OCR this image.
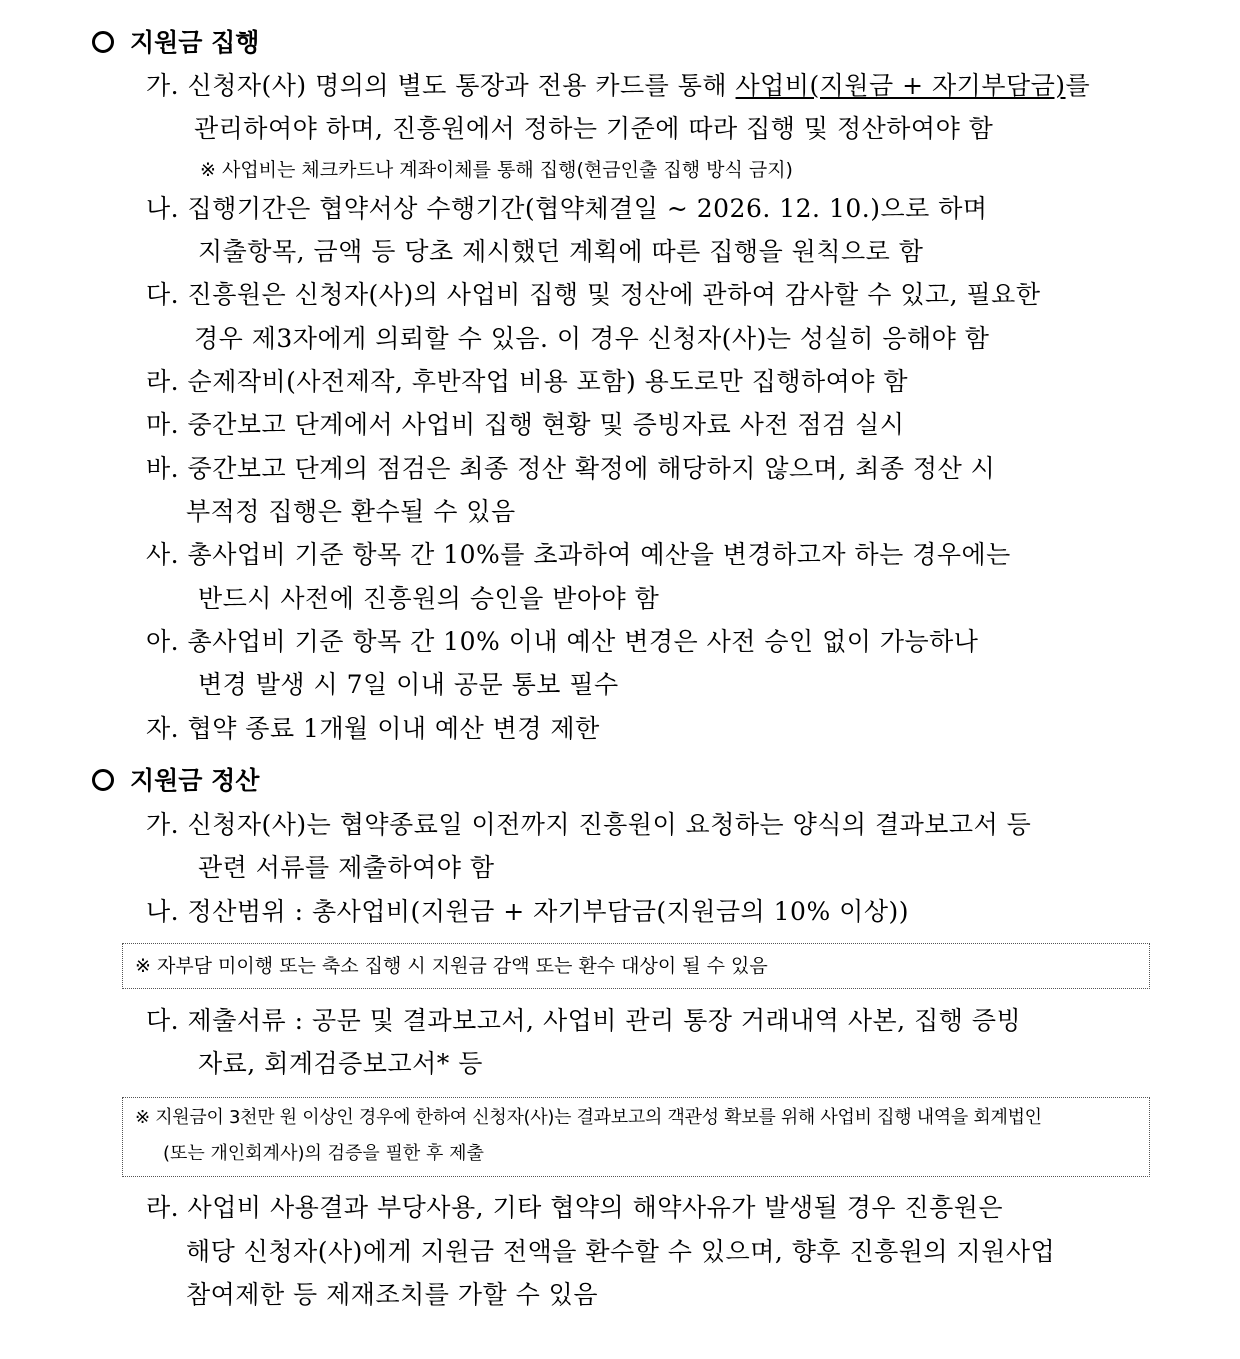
지원금 집행
가. 신청자(사) 명의의 별도 통장과 전용 카드를 통해 사업비(지원금 + 자기부담금)를
관리하여야 하며, 진흥원에서 정하는 기준에 따라 집행 및 정산하여야 함
※ 사업비는 체크카드나 계좌이체를 통해 집행(현금인출 집행 방식 금지)
나. 집행기간은 협약서상 수행기간(협약체결일 ~ 2026. 12. 10.)으로 하며
지출항목, 금액 등 당초 제시했던 계획에 따른 집행을 원칙으로 함
다. 진흥원은 신청자(사)의 사업비 집행 및 정산에 관하여 감사할 수 있고, 필요한
경우 제3자에게 의뢰할 수 있음. 이 경우 신청자(사)는 성실히 응해야 함
라. 순제작비(사전제작, 후반작업 비용 포함) 용도로만 집행하여야 함
마. 중간보고 단계에서 사업비 집행 현황 및 증빙자료 사전 점검 실시
바. 중간보고 단계의 점검은 최종 정산 확정에 해당하지 않으며, 최종 정산 시
부적정 집행은 환수될 수 있음
사. 총사업비 기준 항목 간 10%를 초과하여 예산을 변경하고자 하는 경우에는
반드시 사전에 진흥원의 승인을 받아야 함
아. 총사업비 기준 항목 간 10% 이내 예산 변경은 사전 승인 없이 가능하나
변경 발생 시 7일 이내 공문 통보 필수
자. 협약 종료 1개월 이내 예산 변경 제한
지원금 정산
가. 신청자(사)는 협약종료일 이전까지 진흥원이 요청하는 양식의 결과보고서 등
관련 서류를 제출하여야 함
나. 정산범위 : 총사업비(지원금 + 자기부담금(지원금의 10% 이상))
※ 자부담 미이행 또는 축소 집행 시 지원금 감액 또는 환수 대상이 될 수 있음
다. 제출서류 : 공문 및 결과보고서, 사업비 관리 통장 거래내역 사본, 집행 증빙
자료, 회계검증보고서* 등
※ 지원금이 3천만 원 이상인 경우에 한하여 신청자(사)는 결과보고의 객관성 확보를 위해 사업비 집행 내역을 회계법인
(또는 개인회계사)의 검증을 필한 후 제출
라. 사업비 사용결과 부당사용, 기타 협약의 해약사유가 발생될 경우 진흥원은
해당 신청자(사)에게 지원금 전액을 환수할 수 있으며, 향후 진흥원의 지원사업
참여제한 등 제재조치를 가할 수 있음
